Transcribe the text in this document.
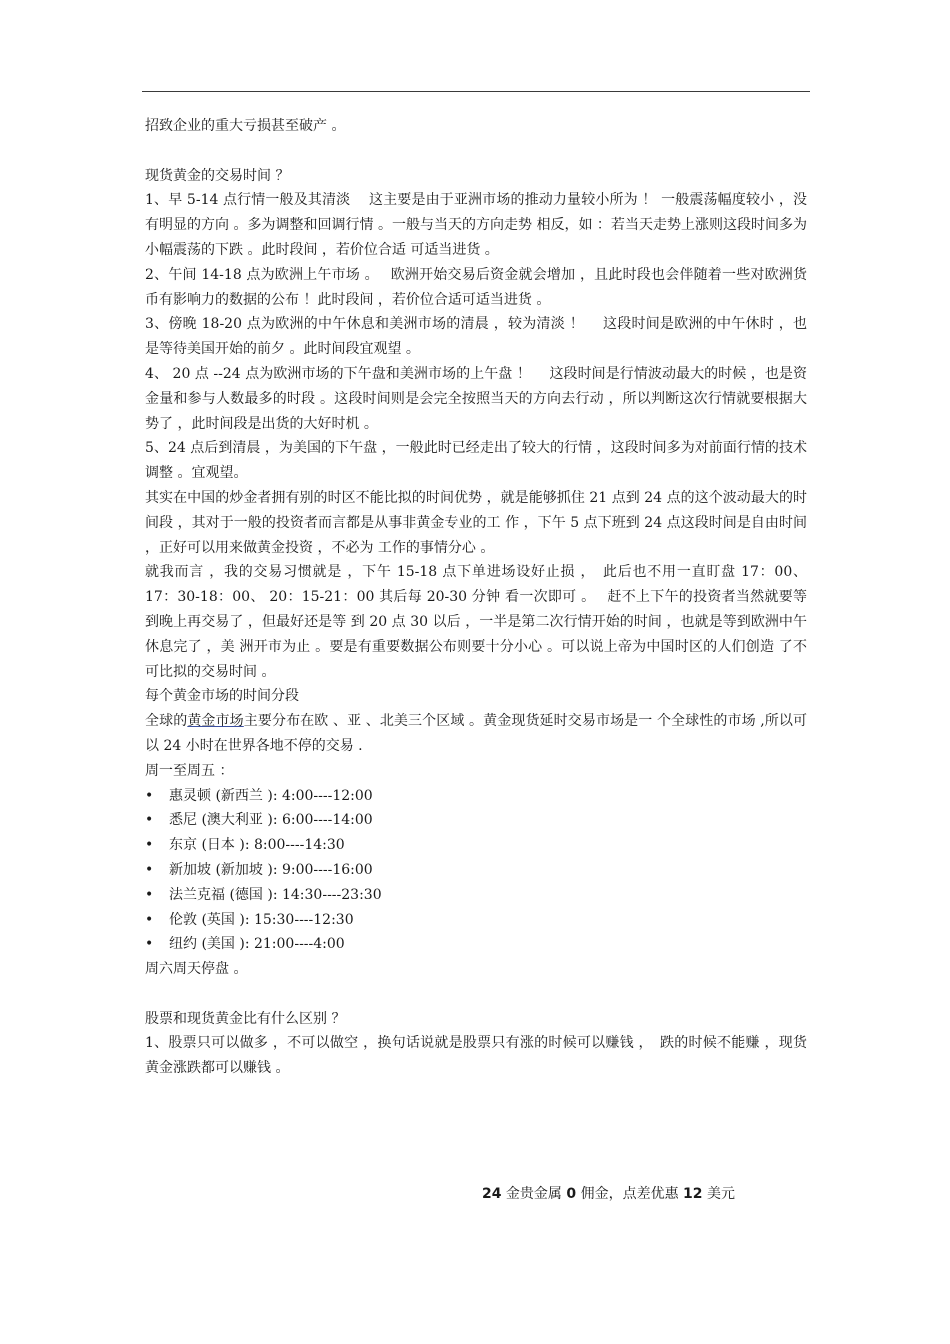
招致企业的重大亏损甚至破产 。

现货黄金的交易时间 ？

1、早 5-14 点行情一般及其清淡　 这主要是由于亚洲市场的推动力量较小所为 ！ 一般震荡幅度较小 ，没有明显的方向 。多为调整和回调行情 。一般与当天的方向走势 相反，如 ：若当天走势上涨则这段时间多为小幅震荡的下跌 。此时段间 ，若价位合适 可适当进货 。

2、午间 14-18 点为欧洲上午市场 。　 欧洲开始交易后资金就会增加 ，且此时段也会伴随着一些对欧洲货币有影响力的数据的公布 ！此时段间 ，若价位合适可适当进货 。

3、傍晚 18-20 点为欧洲的中午休息和美洲市场的清晨 ，较为清淡 ！　 这段时间是欧洲的中午休时 ，也是等待美国开始的前夕 。此时间段宜观望 。

4、 20 点 --24 点为欧洲市场的下午盘和美洲市场的上午盘 ！　 这段时间是行情波动最大的时候 ，也是资金量和参与人数最多的时段 。这段时间则是会完全按照当天的方向去行动 ，所以判断这次行情就要根据大势了 ，此时间段是出货的大好时机 。

5、24 点后到清晨 ，为美国的下午盘 ，一般此时已经走出了较大的行情 ，这段时间多为对前面行情的技术调整 。宜观望。

其实在中国的炒金者拥有别的时区不能比拟的时间优势 ，就是能够抓住 21 点到 24 点的这个波动最大的时间段 ，其对于一般的投资者而言都是从事非黄金专业的工 作 ，下午 5 点下班到 24 点这段时间是自由时间 ，正好可以用来做黄金投资 ，不必为 工作的事情分心 。

就我而言 ，我的交易习惯就是 ，下午 15-18 点下单进场设好止损 ，　此后也不用一直盯盘 17：00、 17：30-18：00、 20：15-21：00 其后每 20-30 分钟 看一次即可 。　 赶不上下午的投资者当然就要等到晚上再交易了 ，但最好还是等 到 20 点 30 以后 ，一半是第二次行情开始的时间 ，也就是等到欧洲中午休息完了 ，美 洲开市为止 。要是有重要数据公布则要十分小心 。可以说上帝为中国时区的人们创造 了不可比拟的交易时间 。

每个黄金市场的时间分段

全球的黄金市场主要分布在欧 、亚 、北美三个区域 。黄金现货延时交易市场是一 个全球性的市场 ,所以可以 24 小时在世界各地不停的交易 .

周一至周五 ：

• 惠灵顿 (新西兰 ): 4:00----12:00
• 悉尼 (澳大利亚 ): 6:00----14:00
• 东京 (日本 ): 8:00----14:30
• 新加坡 (新加坡 ): 9:00----16:00
• 法兰克福 (德国 ): 14:30----23:30
• 伦敦 (英国 ): 15:30----12:30
• 纽约 (美国 ): 21:00----4:00

周六周天停盘 。

股票和现货黄金比有什么区别 ？

1、股票只可以做多 ，不可以做空 ，换句话说就是股票只有涨的时候可以赚钱 ，　跌的时候不能赚 ，现货黄金涨跌都可以赚钱 。

24 金贵金属 0 佣金，点差优惠 12 美元
